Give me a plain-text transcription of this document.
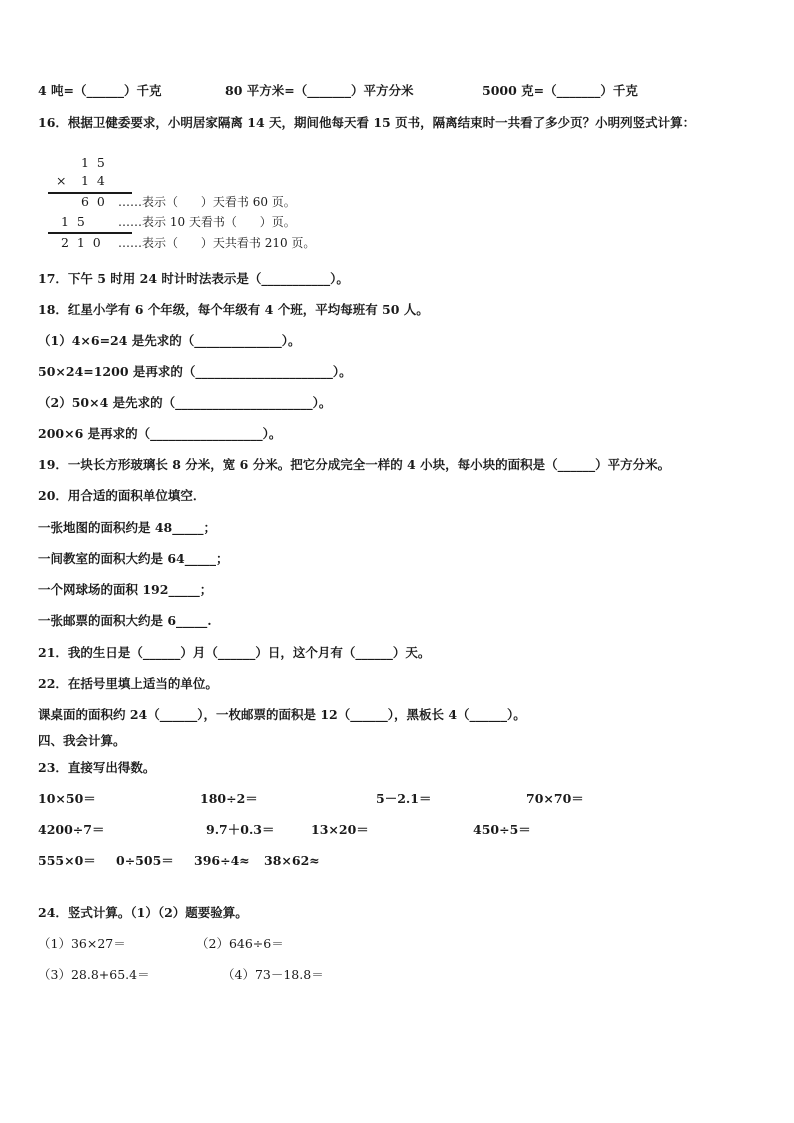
4 吨=（______）千克	80 平方米=（_______）平方分米	5000 克=（_______）千克
16．根据卫健委要求，小明居家隔离 14 天，期间他每天看 15 页书，隔离结束时一共看了多少页？小明列竖式计算：
1  5
× 1  4
6  0 ……表示（      ）天看书 60 页。
1  5	……表示 10 天看书（      ）页。
2  1  0 ……表示（      ）天共看书 210 页。
17．下午 5 时用 24 时计时法表示是（___________）。
18．红星小学有 6 个年级，每个年级有 4 个班，平均每班有 50 人。
（1）4×6=24 是先求的（______________）。
50×24=1200 是再求的（______________________）。
（2）50×4 是先求的（______________________）。
200×6 是再求的（__________________）。
19．一块长方形玻璃长 8 分米，宽 6 分米。把它分成完全一样的 4 小块，每小块的面积是（______）平方分米。
20．用合适的面积单位填空．
一张地图的面积约是 48_____；
一间教室的面积大约是 64_____；
一个网球场的面积 192_____；
一张邮票的面积大约是 6_____.
21．我的生日是（______）月（______）日，这个月有（______）天。
22．在括号里填上适当的单位。
课桌面的面积约 24（______），一枚邮票的面积是 12（______），黑板长 4（______）。
四、我会计算。
23．直接写出得数。
10×50＝	180÷2＝	5－2.1＝	70×70＝
4200÷7＝	9.7＋0.3＝	13×20＝	450÷5＝
555×0＝ 0÷505＝ 396÷4≈ 38×62≈
24．竖式计算。（1）（2）题要验算。
（1）36×27＝	（2）646÷6＝
（3）28.8+65.4＝	（4）73－18.8＝
